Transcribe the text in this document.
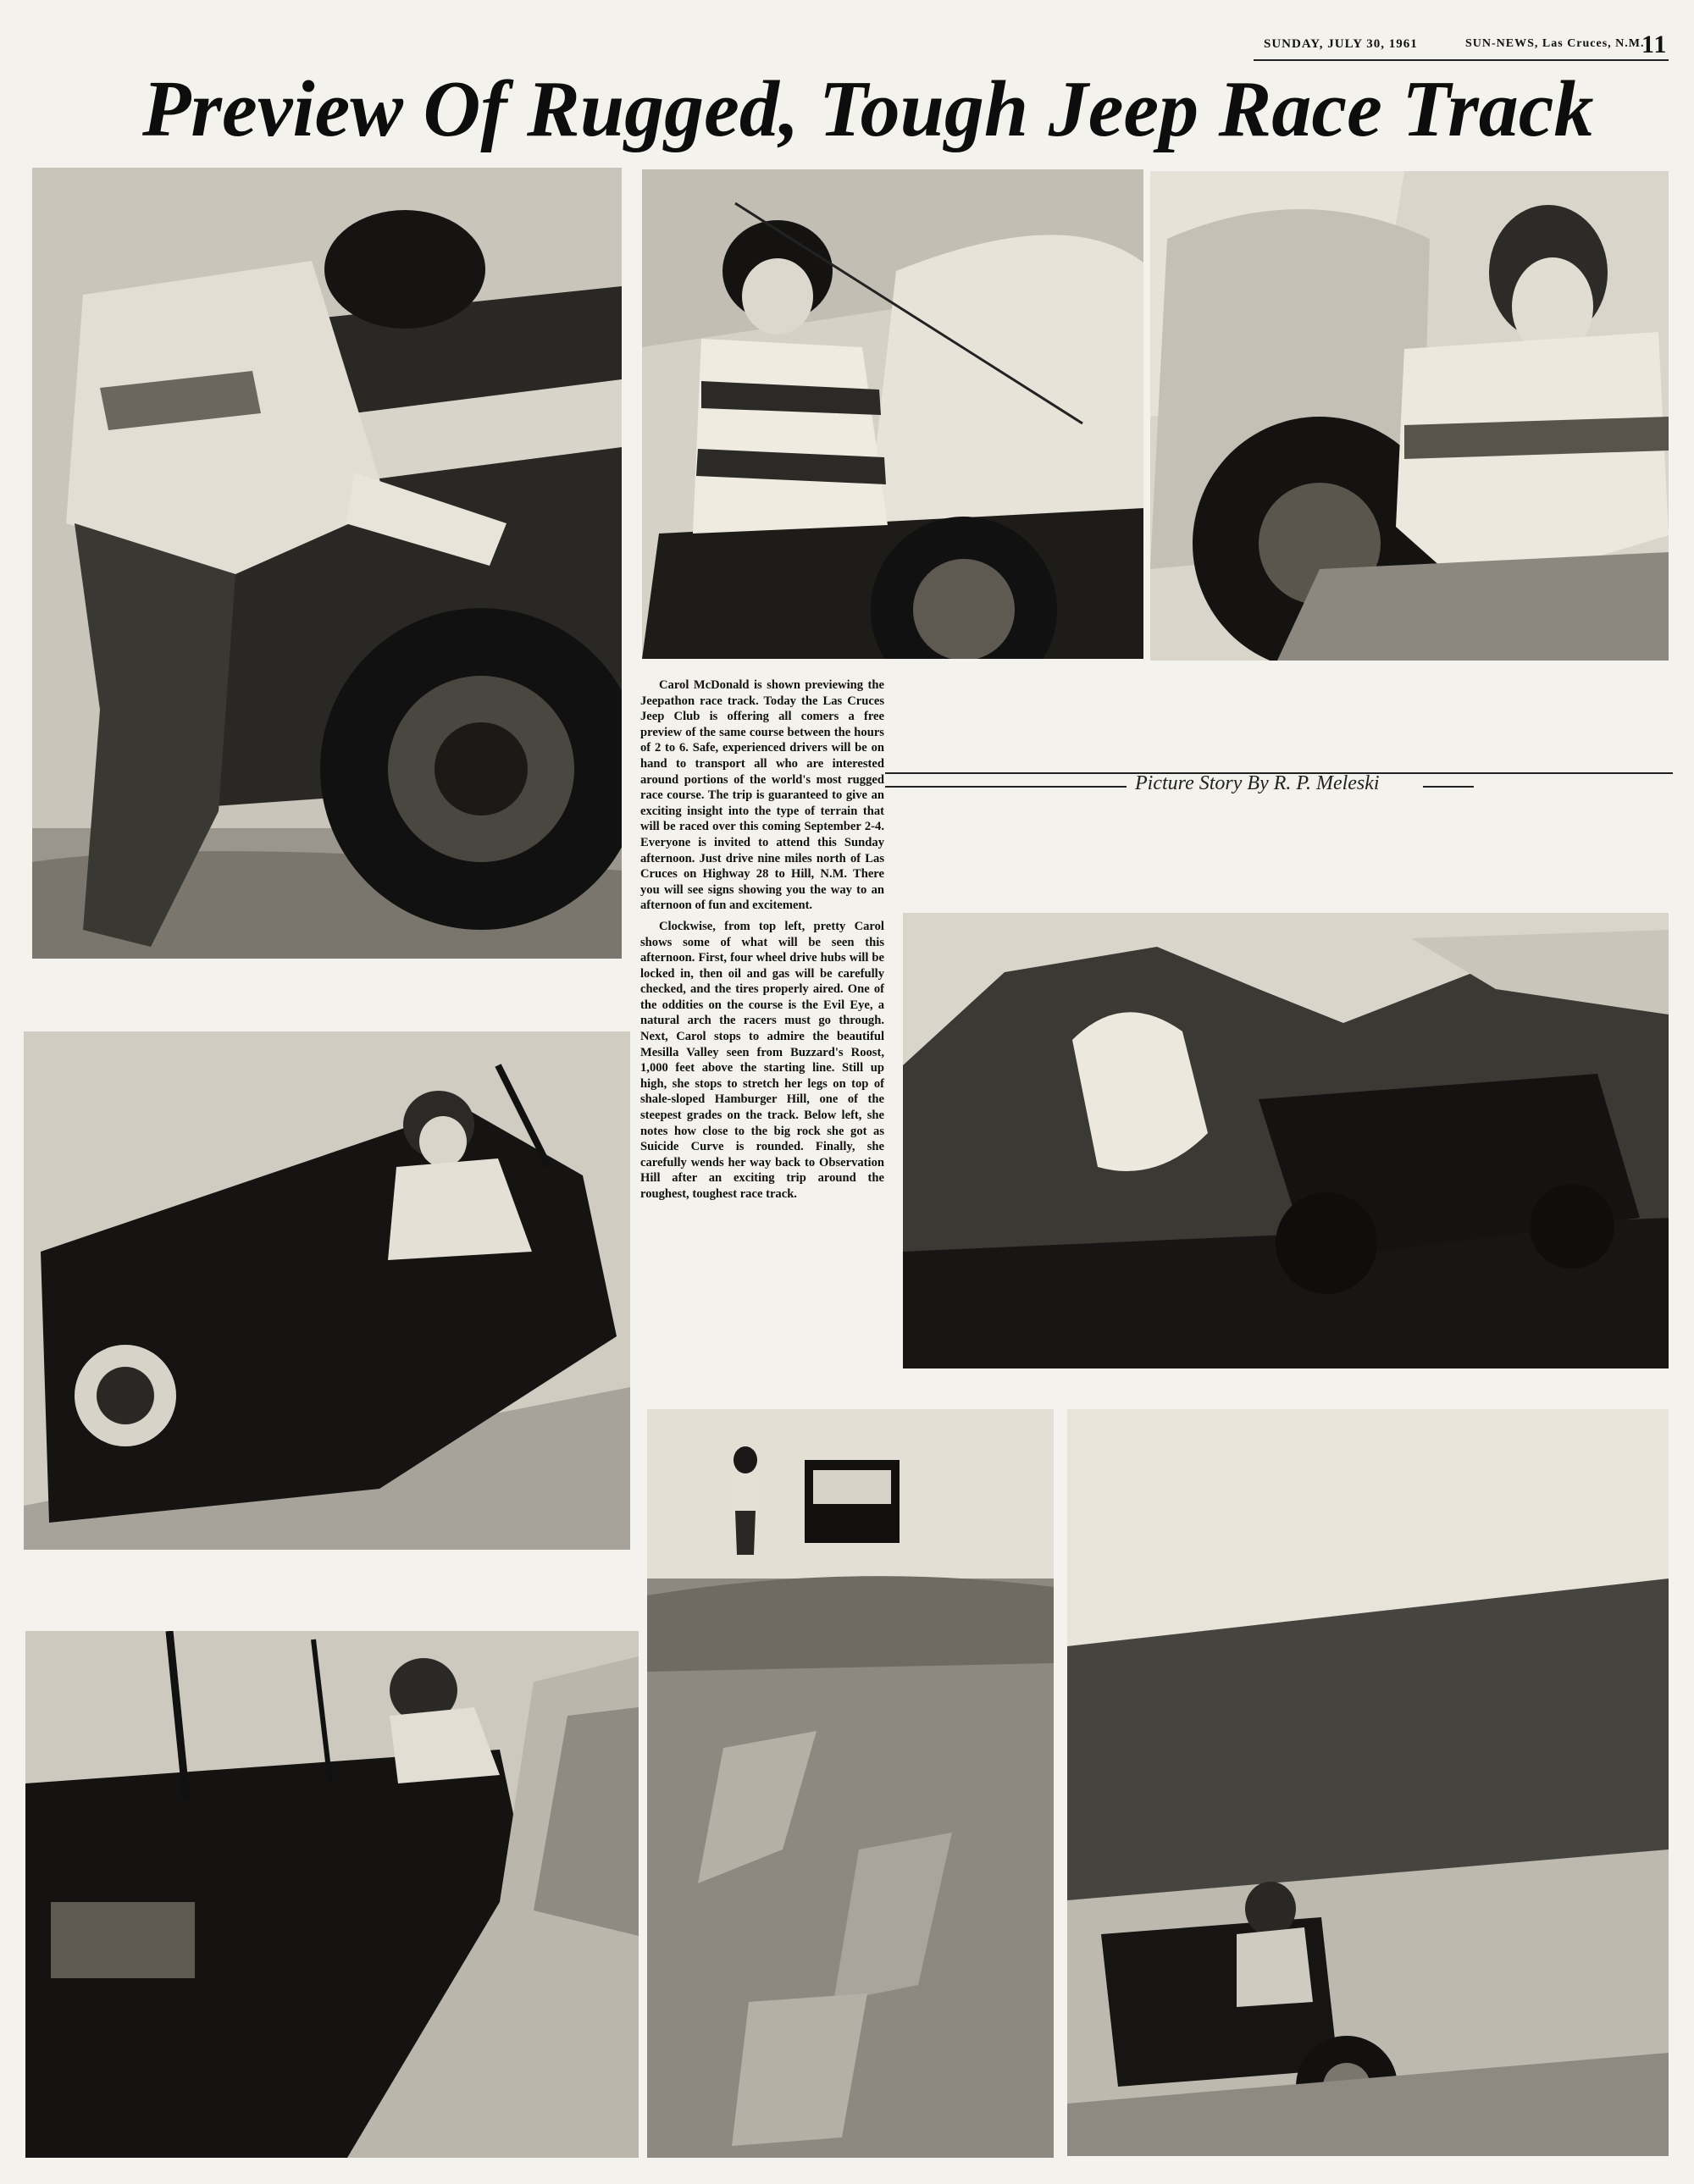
SUNDAY, JULY 30, 1961	SUN-NEWS, Las Cruces, N.M.
11
Preview Of Rugged, Tough Jeep Race Track

Carol McDonald is shown previewing the Jeepathon race track. Today the Las Cruces Jeep Club is offering all comers a free preview of the same course between the hours of 2 to 6. Safe, experienced drivers will be on hand to transport all who are interested around portions of the world's most rugged race course. The trip is guaranteed to give an exciting insight into the type of terrain that will be raced over this coming September 2-4. Everyone is invited to attend this Sunday afternoon. Just drive nine miles north of Las Cruces on Highway 28 to Hill, N.M. There you will see signs showing you the way to an afternoon of fun and excitement.

Clockwise, from top left, pretty Carol shows some of what will be seen this afternoon. First, four wheel drive hubs will be locked in, then oil and gas will be carefully checked, and the tires properly aired. One of the oddities on the course is the Evil Eye, a natural arch the racers must go through. Next, Carol stops to admire the beautiful Mesilla Valley seen from Buzzard's Roost, 1,000 feet above the starting line. Still up high, she stops to stretch her legs on top of shale-sloped Hamburger Hill, one of the steepest grades on the track. Below left, she notes how close to the big rock she got as Suicide Curve is rounded. Finally, she carefully wends her way back to Observation Hill after an exciting trip around the roughest, toughest race track.

Picture Story By R. P. Meleski
